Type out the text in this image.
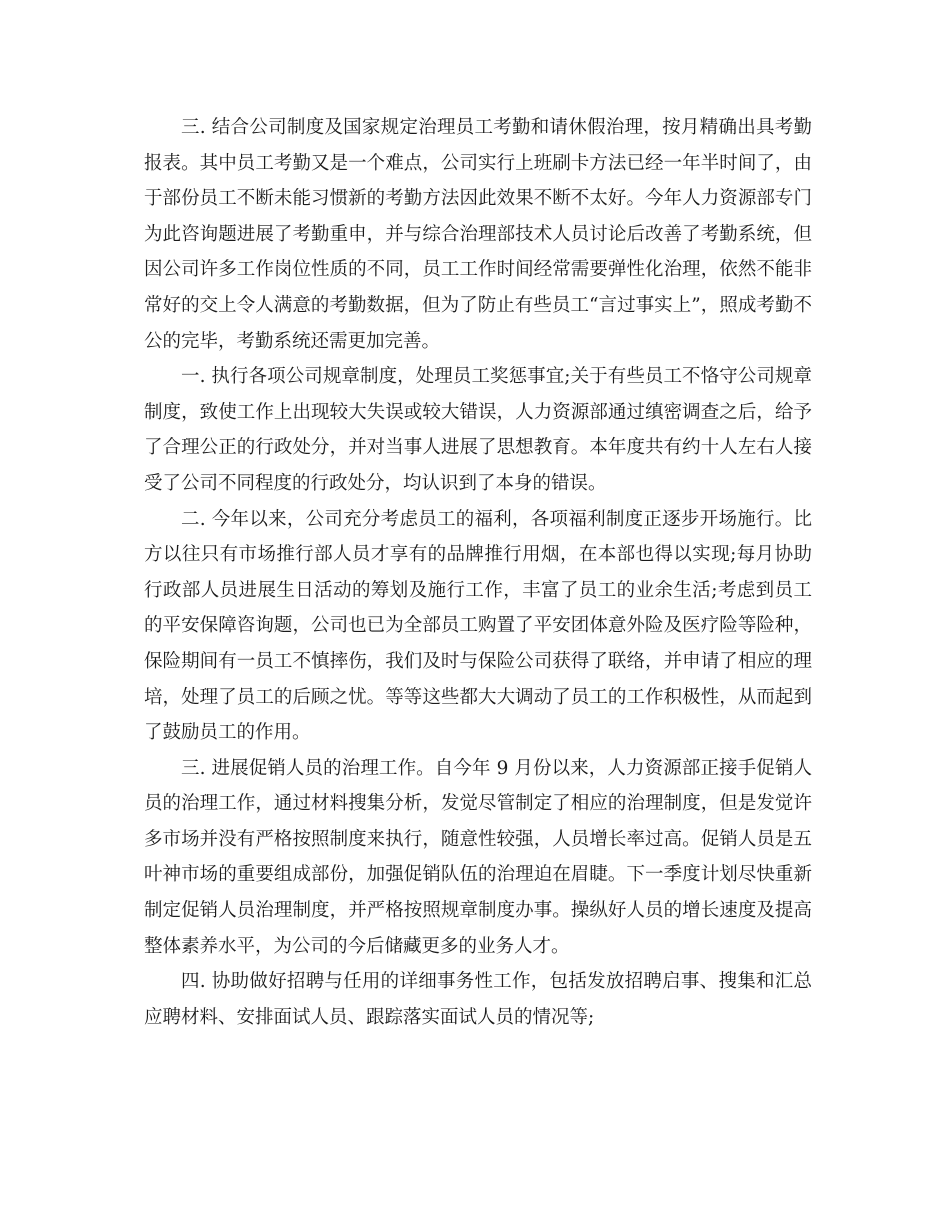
三. 结合公司制度及国家规定治理员工考勤和请休假治理，按月精确出具考勤报表。其中员工考勤又是一个难点，公司实行上班刷卡方法已经一年半时间了，由于部份员工不断未能习惯新的考勤方法因此效果不断不太好。今年人力资源部专门为此咨询题进展了考勤重申，并与综合治理部技术人员讨论后改善了考勤系统，但因公司许多工作岗位性质的不同，员工工作时间经常需要弹性化治理，依然不能非常好的交上令人满意的考勤数据，但为了防止有些员工“言过事实上”，照成考勤不公的完毕，考勤系统还需更加完善。

一. 执行各项公司规章制度，处理员工奖惩事宜;关于有些员工不恪守公司规章制度，致使工作上出现较大失误或较大错误，人力资源部通过缜密调查之后，给予了合理公正的行政处分，并对当事人进展了思想教育。本年度共有约十人左右人接受了公司不同程度的行政处分，均认识到了本身的错误。

二. 今年以来，公司充分考虑员工的福利，各项福利制度正逐步开场施行。比方以往只有市场推行部人员才享有的品牌推行用烟，在本部也得以实现;每月协助行政部人员进展生日活动的筹划及施行工作，丰富了员工的业余生活;考虑到员工的平安保障咨询题，公司也已为全部员工购置了平安团体意外险及医疗险等险种，保险期间有一员工不慎摔伤，我们及时与保险公司获得了联络，并申请了相应的理培，处理了员工的后顾之忧。等等这些都大大调动了员工的工作积极性，从而起到了鼓励员工的作用。

三. 进展促销人员的治理工作。自今年 9 月份以来，人力资源部正接手促销人员的治理工作，通过材料搜集分析，发觉尽管制定了相应的治理制度，但是发觉许多市场并没有严格按照制度来执行，随意性较强，人员增长率过高。促销人员是五叶神市场的重要组成部份，加强促销队伍的治理迫在眉睫。下一季度计划尽快重新制定促销人员治理制度，并严格按照规章制度办事。操纵好人员的增长速度及提高整体素养水平，为公司的今后储藏更多的业务人才。

四. 协助做好招聘与任用的详细事务性工作，包括发放招聘启事、搜集和汇总应聘材料、安排面试人员、跟踪落实面试人员的情况等;
